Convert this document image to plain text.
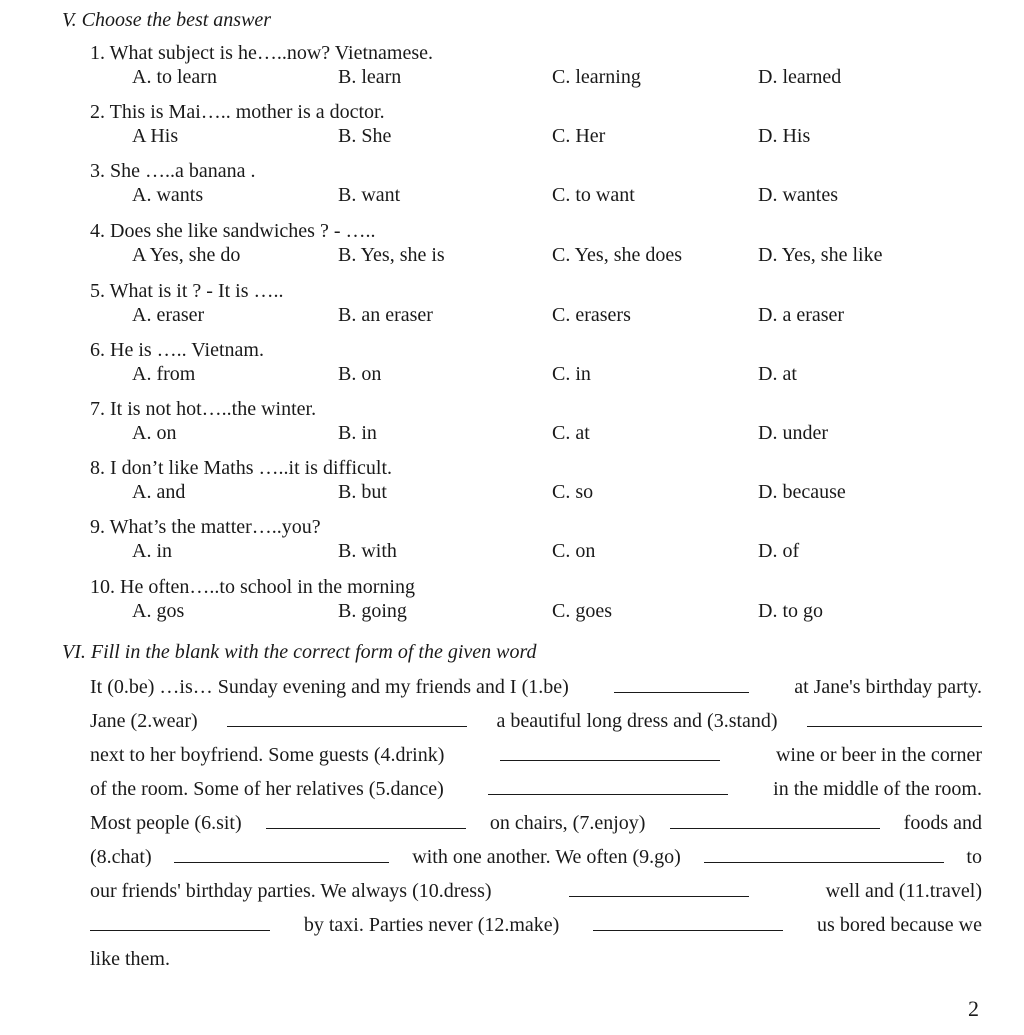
V. Choose the best answer
1. What subject is he…..now? Vietnamese.
A. to learn	B. learn	C. learning	D. learned
2. This is Mai….. mother is a doctor.
A His	B. She	C. Her	D. His
3. She …..a banana .
A. wants	B. want	C. to want	D. wantes
4. Does she like sandwiches ? - …..
A Yes, she do	B. Yes, she is	C. Yes, she does	D. Yes, she like
5. What is it ? - It is …..
A. eraser	B. an eraser	C. erasers	D. a eraser
6. He is ….. Vietnam.
A. from	B. on	C. in	D. at
7. It is not hot…..the winter.
A. on	B. in	C. at	D. under
8. I don’t like Maths …..it is difficult.
A. and	B. but	C. so	D. because
9. What’s the matter…..you?
A. in	B. with	C. on	D. of
10. He often…..to school in the morning
A. gos	B. going	C. goes	D. to go
VI. Fill in the blank with the correct form of the given word
It (0.be) …is… Sunday evening and my friends and I (1.be)	at Jane's birthday party.
Jane (2.wear)	a beautiful long dress and (3.stand)
next to her boyfriend. Some guests (4.drink)	wine or beer in the corner
of the room. Some of her relatives (5.dance)	in the middle of the room.
Most people (6.sit)	on chairs, (7.enjoy)	foods and
(8.chat)	with one another. We often (9.go)	to
our friends' birthday parties. We always (10.dress)	well and (11.travel)
by taxi. Parties never (12.make)	us bored because we
like them.
2
